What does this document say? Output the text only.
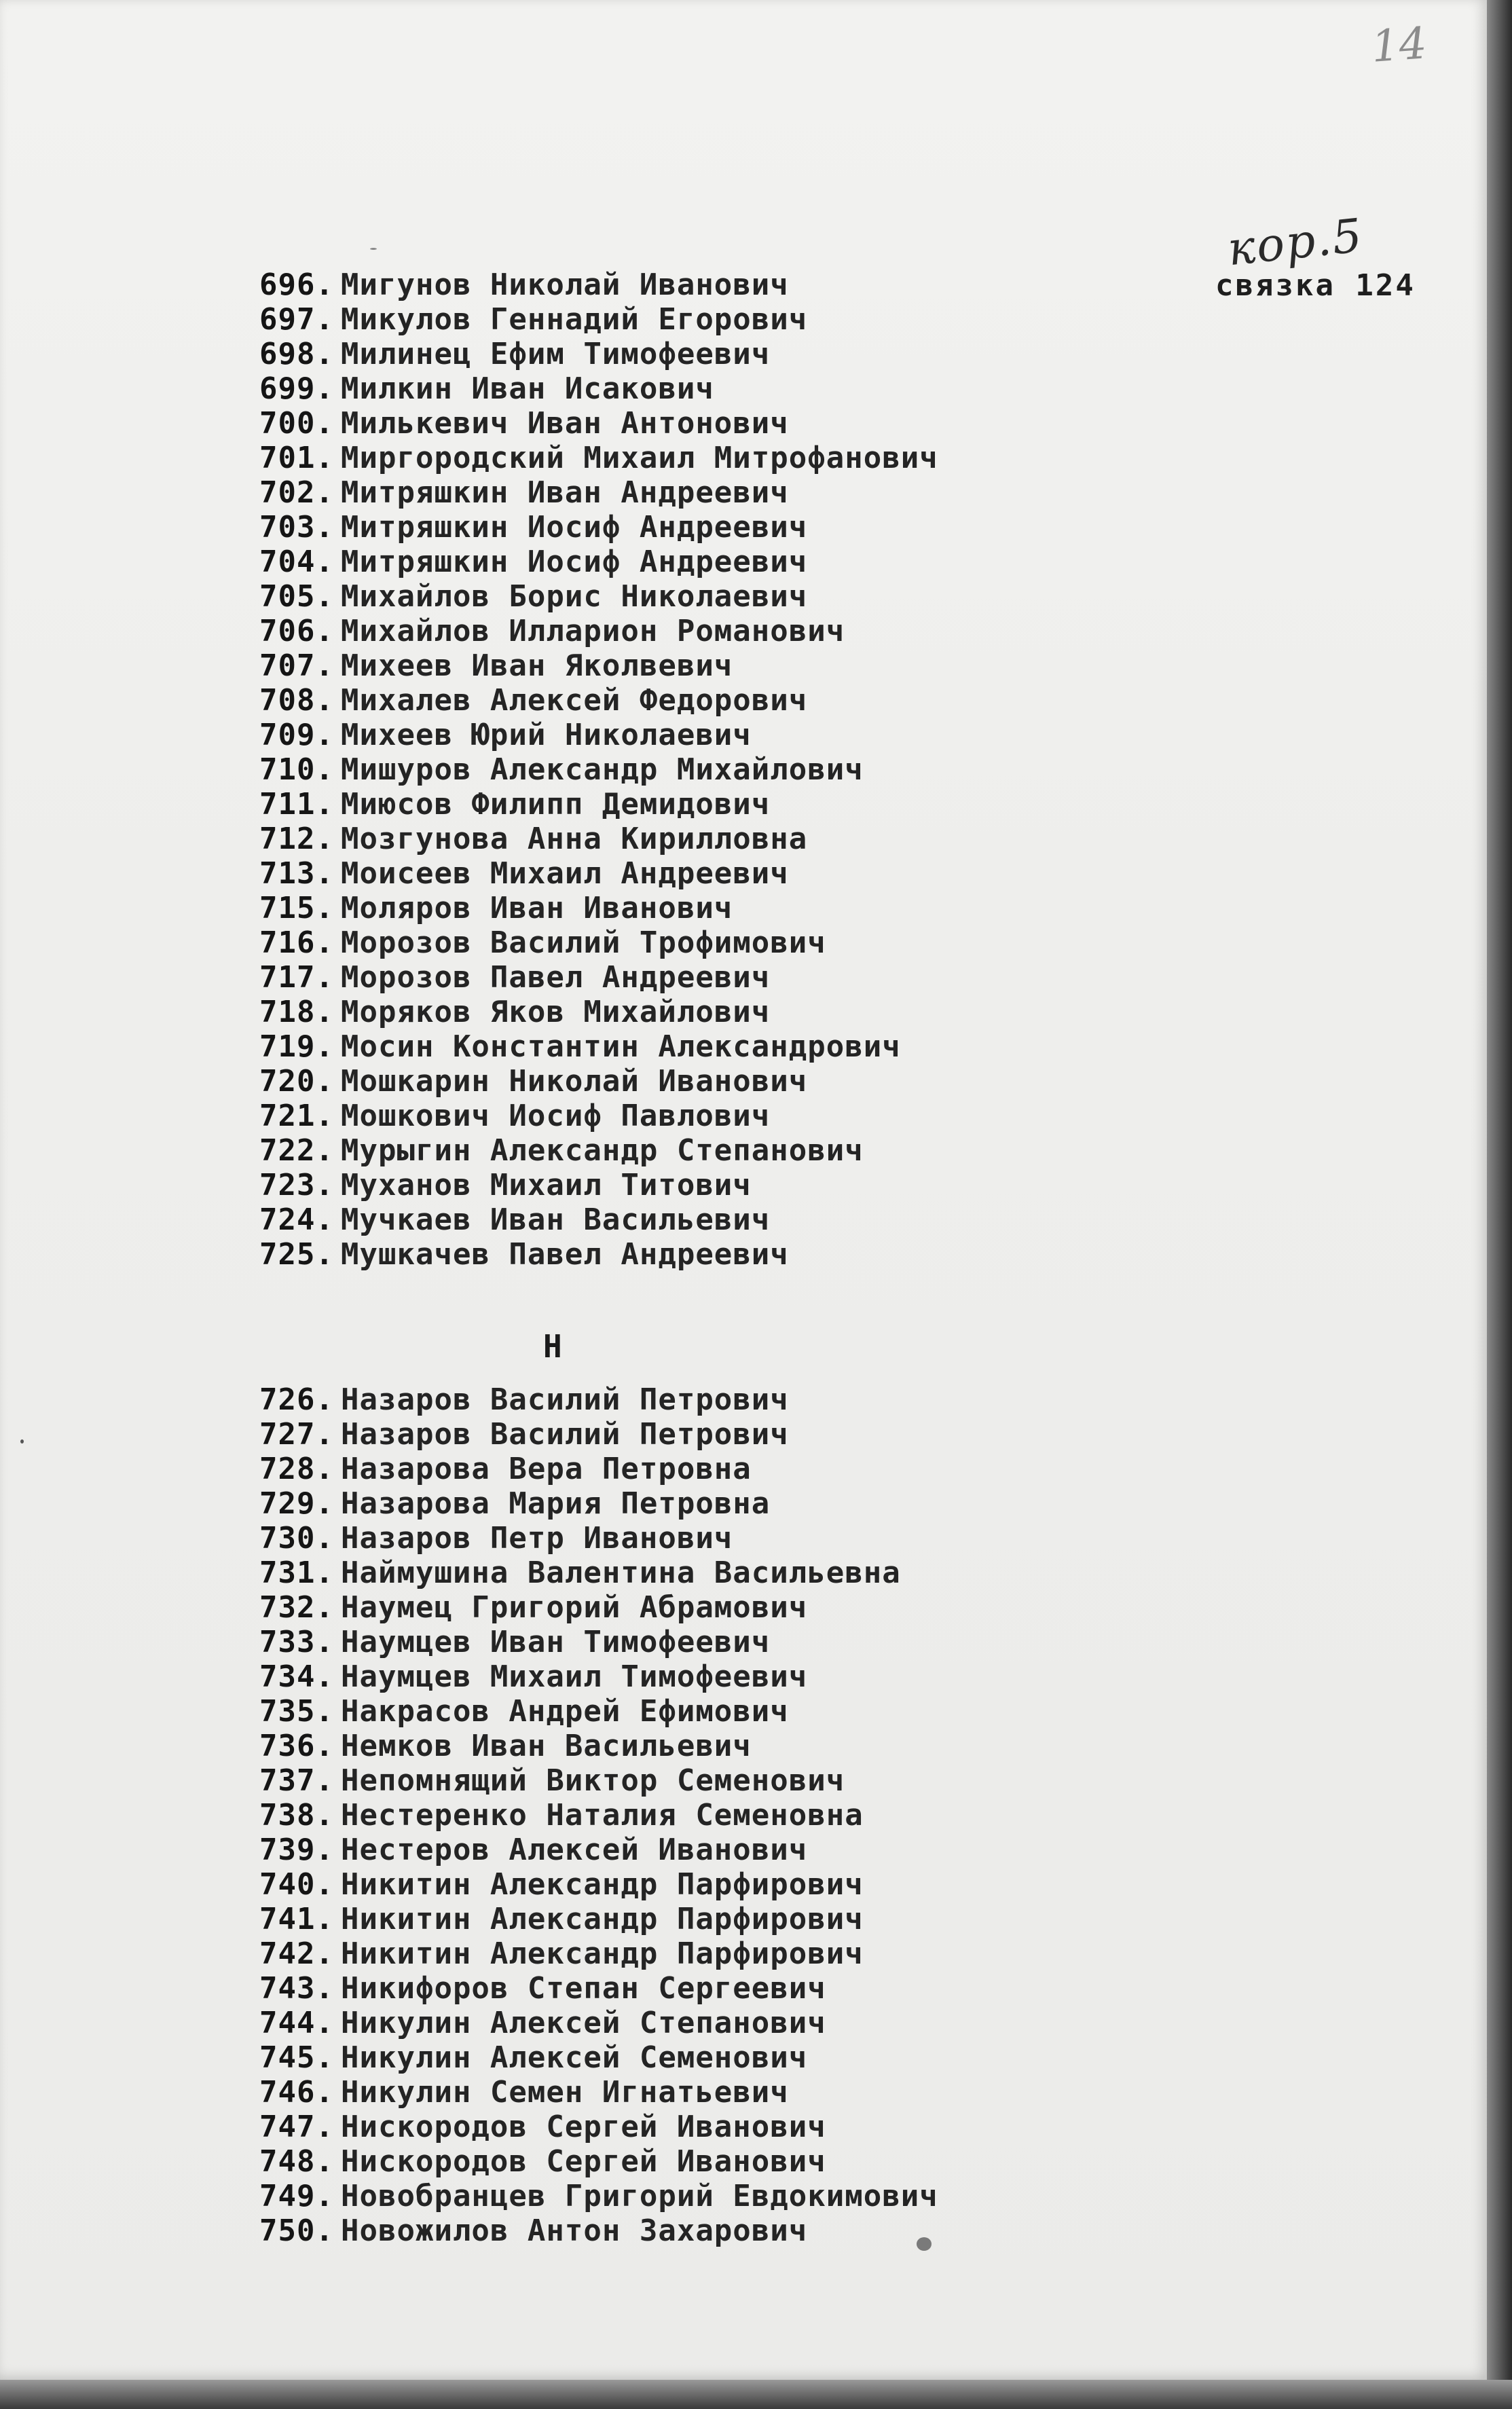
14
кор.5
связка 124
696. Мигунов Николай Иванович
697. Микулов Геннадий Егорович
698. Милинец Ефим Тимофеевич
699. Милкин Иван Исакович
700. Милькевич Иван Антонович
701. Миргородский Михаил Митрофанович
702. Митряшкин Иван Андреевич
703. Митряшкин Иосиф Андреевич
704. Митряшкин Иосиф Андреевич
705. Михайлов Борис Николаевич
706. Михайлов Илларион Романович
707. Михеев Иван Яколвевич
708. Михалев Алексей Федорович
709. Михеев Юрий Николаевич
710. Мишуров Александр Михайлович
711. Миюсов Филипп Демидович
712. Мозгунова Анна Кирилловна
713. Моисеев Михаил Андреевич
715. Моляров Иван Иванович
716. Морозов Василий Трофимович
717. Морозов Павел Андреевич
718. Моряков Яков Михайлович
719. Мосин Константин Александрович
720. Мошкарин Николай Иванович
721. Мошкович Иосиф Павлович
722. Мурыгин Александр Степанович
723. Муханов Михаил Титович
724. Мучкаев Иван Васильевич
725. Мушкачев Павел Андреевич
Н
726. Назаров Василий Петрович
727. Назаров Василий Петрович
728. Назарова Вера Петровна
729. Назарова Мария Петровна
730. Назаров Петр Иванович
731. Наймушина Валентина Васильевна
732. Наумец Григорий Абрамович
733. Наумцев Иван Тимофеевич
734. Наумцев Михаил Тимофеевич
735. Накрасов Андрей Ефимович
736. Немков Иван Васильевич
737. Непомнящий Виктор Семенович
738. Нестеренко Наталия Семеновна
739. Нестеров Алексей Иванович
740. Никитин Александр Парфирович
741. Никитин Александр Парфирович
742. Никитин Александр Парфирович
743. Никифоров Степан Сергеевич
744. Никулин Алексей Степанович
745. Никулин Алексей Семенович
746. Никулин Семен Игнатьевич
747. Нискородов Сергей Иванович
748. Нискородов Сергей Иванович
749. Новобранцев Григорий Евдокимович
750. Новожилов Антон Захарович
